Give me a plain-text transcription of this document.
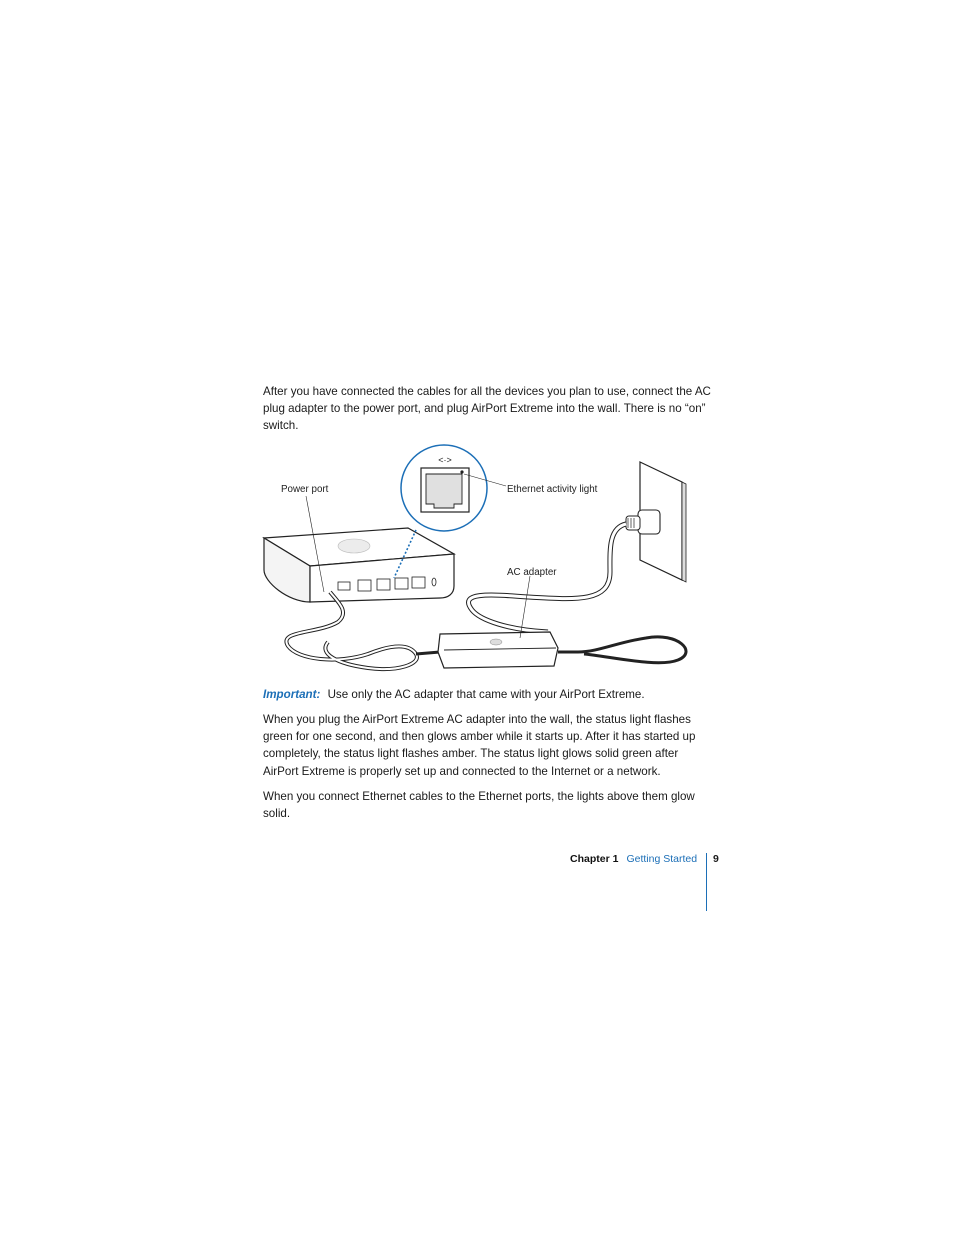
After you have connected the cables for all the devices you plan to use, connect the AC plug adapter to the power port, and plug AirPort Extreme into the wall. There is no “on” switch.

<·>
Power port	Ethernet activity light
AC adapter

Important: Use only the AC adapter that came with your AirPort Extreme.

When you plug the AirPort Extreme AC adapter into the wall, the status light flashes green for one second, and then glows amber while it starts up. After it has started up completely, the status light flashes amber. The status light glows solid green after AirPort Extreme is properly set up and connected to the Internet or a network.

When you connect Ethernet cables to the Ethernet ports, the lights above them glow solid.

Chapter 1 Getting Started 9
